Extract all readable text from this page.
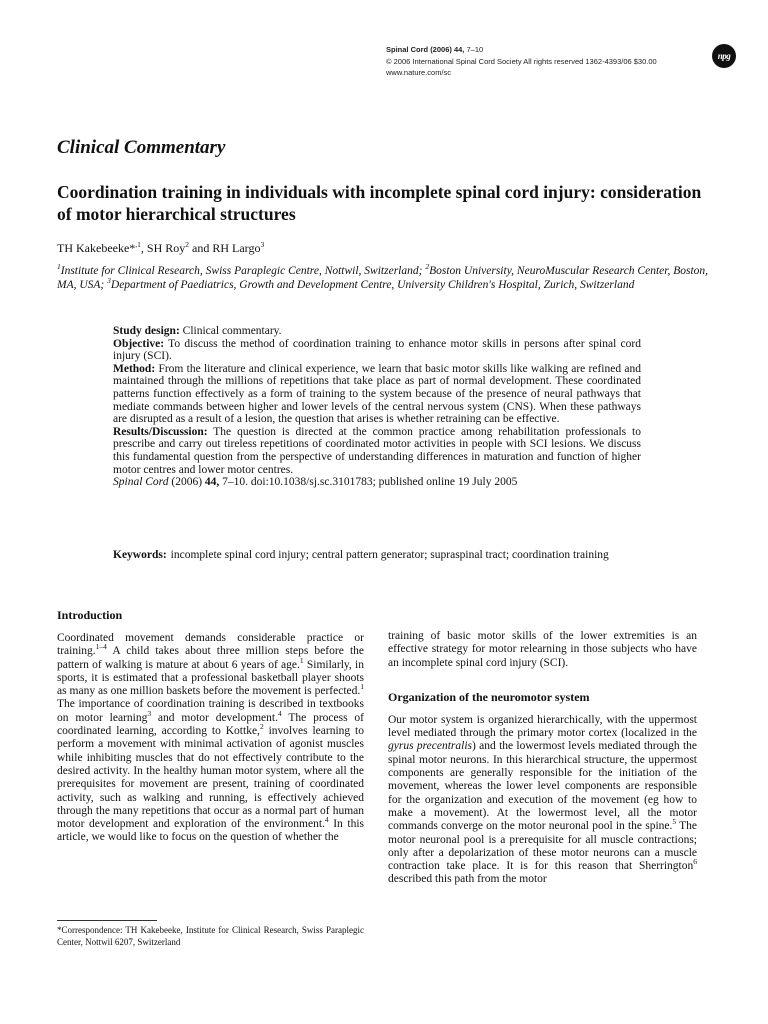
Spinal Cord (2006) 44, 7–10
© 2006 International Spinal Cord Society All rights reserved 1362-4393/06 $30.00
www.nature.com/sc
npg
Clinical Commentary
Coordination training in individuals with incomplete spinal cord injury: consideration of motor hierarchical structures
TH Kakebeeke*$^{,1}$, SH Roy$^2$ and RH Largo$^3$
$^1$Institute for Clinical Research, Swiss Paraplegic Centre, Nottwil, Switzerland; $^2$Boston University, NeuroMuscular Research Center, Boston, MA, USA; $^3$Department of Paediatrics, Growth and Development Centre, University Children's Hospital, Zurich, Switzerland

Study design: Clinical commentary.

Objective: To discuss the method of coordination training to enhance motor skills in persons after spinal cord injury (SCI).

Method: From the literature and clinical experience, we learn that basic motor skills like walking are refined and maintained through the millions of repetitions that take place as part of normal development. These coordinated patterns function effectively as a form of training to the system because of the presence of neural pathways that mediate commands between higher and lower levels of the central nervous system (CNS). When these pathways are disrupted as a result of a lesion, the question that arises is whether retraining can be effective.

Results/Discussion: The question is directed at the common practice among rehabilitation professionals to prescribe and carry out tireless repetitions of coordinated motor activities in people with SCI lesions. We discuss this fundamental question from the perspective of understanding differences in maturation and function of higher motor centres and lower motor centres.

Spinal Cord (2006) 44, 7–10. doi:10.1038/sj.sc.3101783; published online 19 July 2005

Keywords: incomplete spinal cord injury; central pattern generator; supraspinal tract; coordination training
Introduction

Coordinated movement demands considerable practice or training.$^{1-4}$ A child takes about three million steps before the pattern of walking is mature at about 6 years of age.$^1$ Similarly, in sports, it is estimated that a professional basketball player shoots as many as one million baskets before the movement is perfected.$^1$ The importance of coordination training is described in textbooks on motor learning$^3$ and motor development.$^4$ The process of coordinated learning, according to Kottke,$^2$ involves learning to perform a movement with minimal activation of agonist muscles while inhibiting muscles that do not effectively contribute to the desired activity. In the healthy human motor system, where all the prerequisites for movement are present, training of coordinated activity, such as walking and running, is effectively achieved through the many repetitions that occur as a normal part of human motor development and exploration of the environment.$^4$ In this article, we would like to focus on the question of whether the

training of basic motor skills of the lower extremities is an effective strategy for motor relearning in those subjects who have an incomplete spinal cord injury (SCI).

Organization of the neuromotor system

Our motor system is organized hierarchically, with the uppermost level mediated through the primary motor cortex (localized in the gyrus precentralis) and the lowermost levels mediated through the spinal motor neurons. In this hierarchical structure, the uppermost components are generally responsible for the initiation of the movement, whereas the lower level components are responsible for the organization and execution of the movement (eg how to make a movement). At the lowermost level, all the motor commands converge on the motor neuronal pool in the spine.$^5$ The motor neuronal pool is a prerequisite for all muscle contractions; only after a depolarization of these motor neurons can a muscle contraction take place. It is for this reason that Sherrington$^6$ described this path from the motor

*Correspondence: TH Kakebeeke, Institute for Clinical Research, Swiss Paraplegic Center, Nottwil 6207, Switzerland
